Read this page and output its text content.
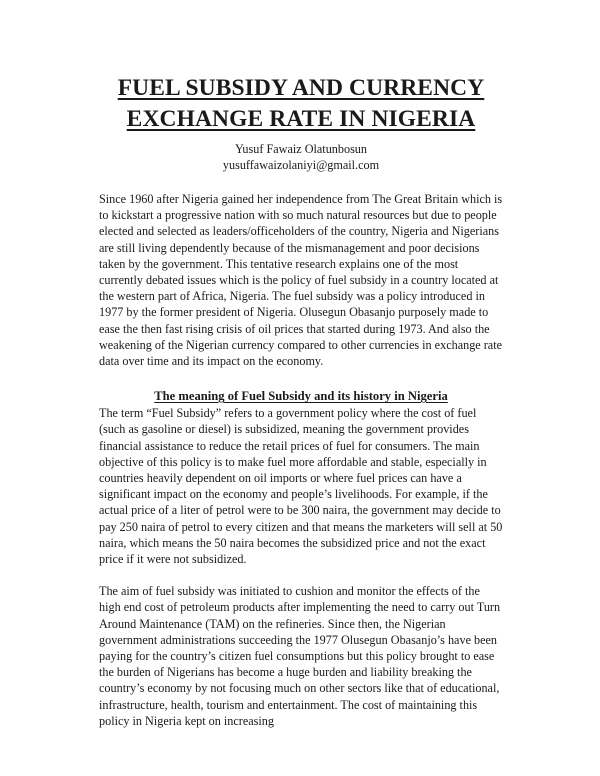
FUEL SUBSIDY AND CURRENCY EXCHANGE RATE IN NIGERIA
Yusuf Fawaiz Olatunbosun
yusuffawaizolaniyi@gmail.com

Since 1960 after Nigeria gained her independence from The Great Britain which is to kickstart a progressive nation with so much natural resources but due to people elected and selected as leaders/officeholders of the country, Nigeria and Nigerians are still living dependently because of the mismanagement and poor decisions taken by the government. This tentative research explains one of the most currently debated issues which is the policy of fuel subsidy in a country located at the western part of Africa, Nigeria. The fuel subsidy was a policy introduced in 1977 by the former president of Nigeria. Olusegun Obasanjo purposely made to ease the then fast rising crisis of oil prices that started during 1973. And also the weakening of the Nigerian currency compared to other currencies in exchange rate data over time and its impact on the economy.

The meaning of Fuel Subsidy and its history in Nigeria

The term “Fuel Subsidy” refers to a government policy where the cost of fuel (such as gasoline or diesel) is subsidized, meaning the government provides financial assistance to reduce the retail prices of fuel for consumers. The main objective of this policy is to make fuel more affordable and stable, especially in countries heavily dependent on oil imports or where fuel prices can have a significant impact on the economy and people’s livelihoods. For example, if the actual price of a liter of petrol were to be 300 naira, the government may decide to pay 250 naira of petrol to every citizen and that means the marketers will sell at 50 naira, which means the 50 naira becomes the subsidized price and not the exact price if it were not subsidized.

The aim of fuel subsidy was initiated to cushion and monitor the effects of the high end cost of petroleum products after implementing the need to carry out Turn Around Maintenance (TAM) on the refineries. Since then, the Nigerian government administrations succeeding the 1977 Olusegun Obasanjo’s have been paying for the country’s citizen fuel consumptions but this policy brought to ease the burden of Nigerians has become a huge burden and liability breaking the country’s economy by not focusing much on other sectors like that of educational, infrastructure, health, tourism and entertainment. The cost of maintaining this policy in Nigeria kept on increasing
